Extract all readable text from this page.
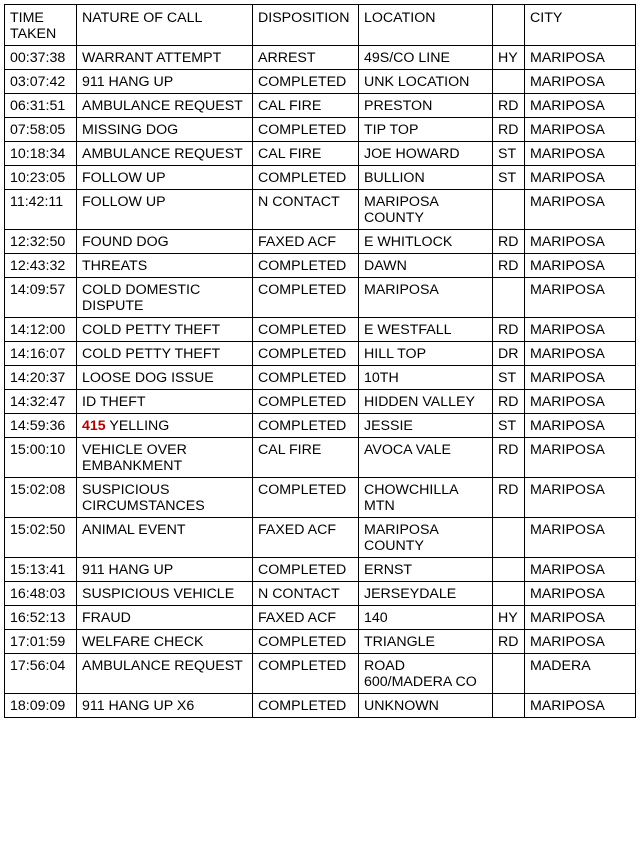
TIME TAKEN	NATURE OF CALL	DISPOSITION	LOCATION		CITY
00:37:38	WARRANT ATTEMPT	ARREST	49S/CO LINE	HY	MARIPOSA
03:07:42	911 HANG UP	COMPLETED	UNK LOCATION		MARIPOSA
06:31:51	AMBULANCE REQUEST	CAL FIRE	PRESTON	RD	MARIPOSA
07:58:05	MISSING DOG	COMPLETED	TIP TOP	RD	MARIPOSA
10:18:34	AMBULANCE REQUEST	CAL FIRE	JOE HOWARD	ST	MARIPOSA
10:23:05	FOLLOW UP	COMPLETED	BULLION	ST	MARIPOSA
11:42:11	FOLLOW UP	N CONTACT	MARIPOSA COUNTY		MARIPOSA
12:32:50	FOUND DOG	FAXED ACF	E WHITLOCK	RD	MARIPOSA
12:43:32	THREATS	COMPLETED	DAWN	RD	MARIPOSA
14:09:57	COLD DOMESTIC DISPUTE	COMPLETED	MARIPOSA		MARIPOSA
14:12:00	COLD PETTY THEFT	COMPLETED	E WESTFALL	RD	MARIPOSA
14:16:07	COLD PETTY THEFT	COMPLETED	HILL TOP	DR	MARIPOSA
14:20:37	LOOSE DOG ISSUE	COMPLETED	10TH	ST	MARIPOSA
14:32:47	ID THEFT	COMPLETED	HIDDEN VALLEY	RD	MARIPOSA
14:59:36	415 YELLING	COMPLETED	JESSIE	ST	MARIPOSA
15:00:10	VEHICLE OVER EMBANKMENT	CAL FIRE	AVOCA VALE	RD	MARIPOSA
15:02:08	SUSPICIOUS CIRCUMSTANCES	COMPLETED	CHOWCHILLA MTN	RD	MARIPOSA
15:02:50	ANIMAL EVENT	FAXED ACF	MARIPOSA COUNTY		MARIPOSA
15:13:41	911 HANG UP	COMPLETED	ERNST		MARIPOSA
16:48:03	SUSPICIOUS VEHICLE	N CONTACT	JERSEYDALE		MARIPOSA
16:52:13	FRAUD	FAXED ACF	140	HY	MARIPOSA
17:01:59	WELFARE CHECK	COMPLETED	TRIANGLE	RD	MARIPOSA
17:56:04	AMBULANCE REQUEST	COMPLETED	ROAD 600/MADERA CO		MADERA
18:09:09	911 HANG UP X6	COMPLETED	UNKNOWN		MARIPOSA
